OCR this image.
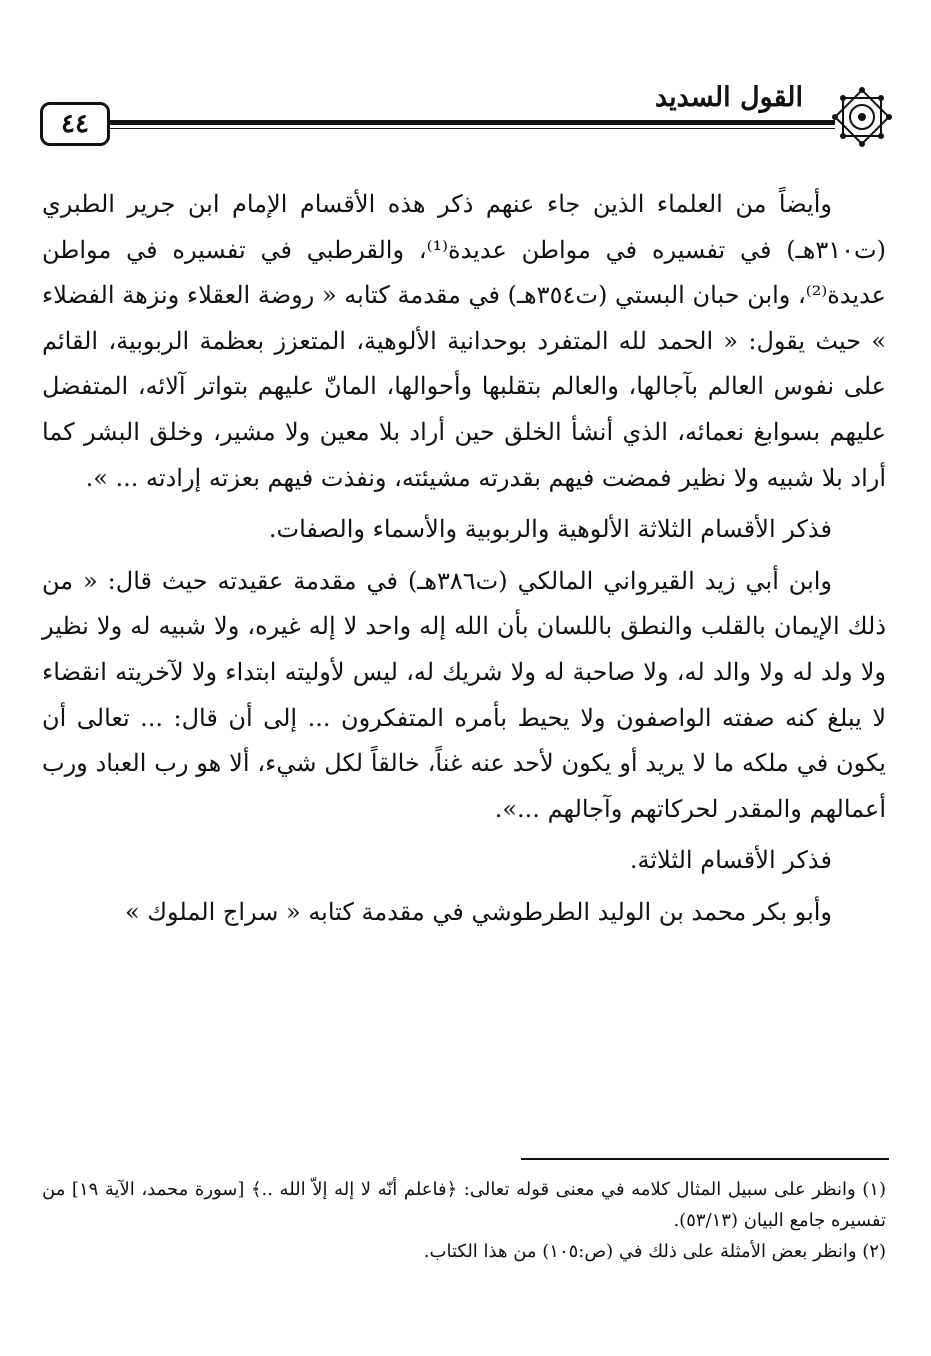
٤٤
القول السديد

وأيضاً من العلماء الذين جاء عنهم ذكر هذه الأقسام الإمام ابن جرير الطبري (ت٣١٠هـ) في تفسيره في مواطن عديدة⁽¹⁾، والقرطبي في تفسيره في مواطن عديدة⁽²⁾، وابن حبان البستي (ت٣٥٤هـ) في مقدمة كتابه « روضة العقلاء ونزهة الفضلاء » حيث يقول: « الحمد لله المتفرد بوحدانية الألوهية، المتعزز بعظمة الربوبية، القائم على نفوس العالم بآجالها، والعالم بتقلبها وأحوالها، المانّ عليهم بتواتر آلائه، المتفضل عليهم بسوابغ نعمائه، الذي أنشأ الخلق حين أراد بلا معين ولا مشير، وخلق البشر كما أراد بلا شبيه ولا نظير فمضت فيهم بقدرته مشيئته، ونفذت فيهم بعزته إرادته ... ».

فذكر الأقسام الثلاثة الألوهية والربوبية والأسماء والصفات.

وابن أبي زيد القيرواني المالكي (ت٣٨٦هـ) في مقدمة عقيدته حيث قال: « من ذلك الإيمان بالقلب والنطق باللسان بأن الله إله واحد لا إله غيره، ولا شبيه له ولا نظير ولا ولد له ولا والد له، ولا صاحبة له ولا شريك له، ليس لأوليته ابتداء ولا لآخريته انقضاء لا يبلغ كنه صفته الواصفون ولا يحيط بأمره المتفكرون ... إلى أن قال: ... تعالى أن يكون في ملكه ما لا يريد أو يكون لأحد عنه غناً، خالقاً لكل شيء، ألا هو رب العباد ورب أعمالهم والمقدر لحركاتهم وآجالهم ...».

فذكر الأقسام الثلاثة.

وأبو بكر محمد بن الوليد الطرطوشي في مقدمة كتابه « سراج الملوك »

(١) وانظر على سبيل المثال كلامه في معنى قوله تعالى: ﴿فاعلم أنّه لا إله إلاّ الله ..﴾ [سورة محمد، الآية ١٩] من تفسيره جامع البيان (٥٣/١٣).

(٢) وانظر بعض الأمثلة على ذلك في (ص:١٠٥) من هذا الكتاب.
